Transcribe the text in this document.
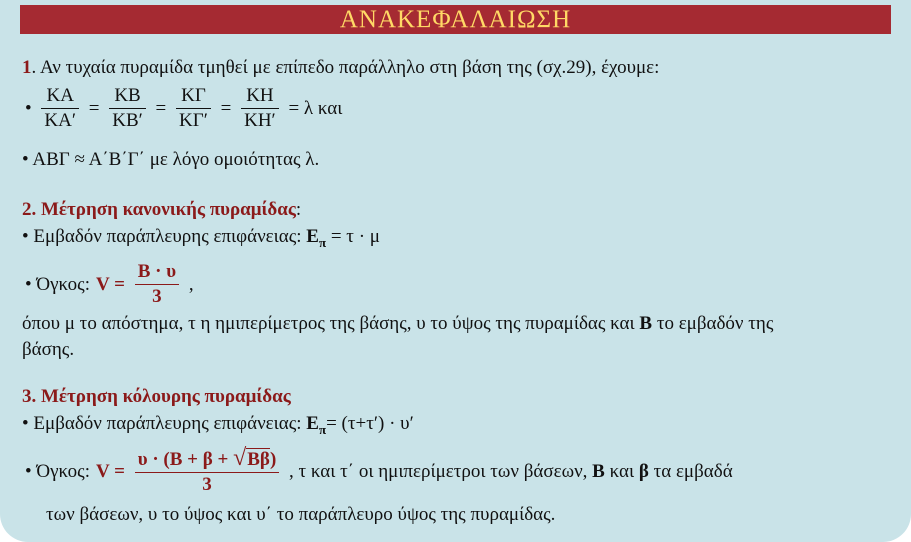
ΑΝΑΚΕΦΑΛΑΙΩΣΗ
1. Αν τυχαία πυραμίδα τμηθεί με επίπεδο παράλληλο στη βάση της (σχ.29), έχουμε:
• $\frac{KA}{KA'} = \frac{KB}{KB'} = \frac{K\Gamma}{K\Gamma'} = \frac{KH}{KH'} = \lambda$ και
• ΑΒΓ ≈ Α΄Β΄Γ΄ με λόγο ομοιότητας λ.
2. Μέτρηση κανονικής πυραμίδας:
• Εμβαδόν παράπλευρης επιφάνειας: $E_\pi = \tau \cdot \mu$
• Όγκος:V = $\frac{B \cdot \upsilon}{3}$ ,
όπου μ το απόστημα, τ η ημιπερίμετρος της βάσης, υ το ύψος της πυραμίδας και Β το εμβαδόν της
βάσης.
3. Μέτρηση κόλουρης πυραμίδας
• Εμβαδόν παράπλευρης επιφάνειας: $E_\pi= (\tau+\tau') \cdot \upsilon'$
• Όγκος:V = $\frac{\upsilon \cdot (B + \beta + √B\beta)}{3}$ , τ και τ΄ οι ημιπερίμετροι των βάσεων, Β και β τα εμβαδά
των βάσεων, υ το ύψος και υ΄ το παράπλευρο ύψος της πυραμίδας.
